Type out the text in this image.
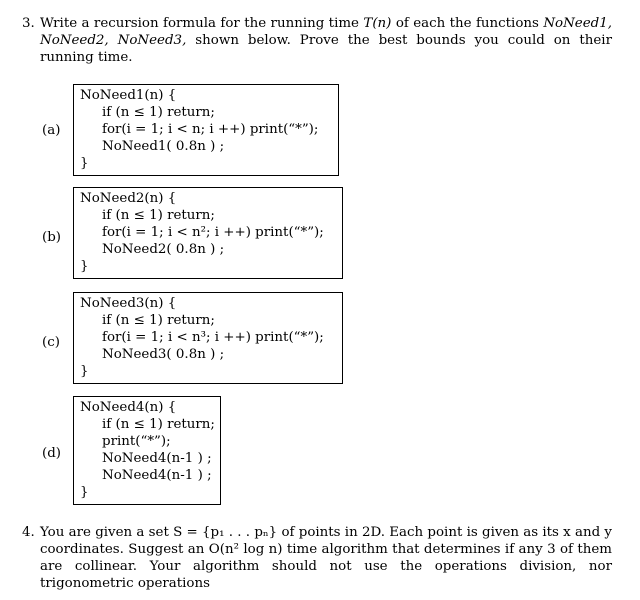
3. Write a recursion formula for the running time T(n) of each the functions NoNeed1, NoNeed2, NoNeed3, shown below. Prove the best bounds you could on their running time.
(a)
NoNeed1(n) {
if (n ≤ 1) return;
for(i = 1; i < n; i ++) print(“*”);
NoNeed1( 0.8n ) ;
}
(b)
NoNeed2(n) {
if (n ≤ 1) return;
for(i = 1; i < n²; i ++) print(“*”);
NoNeed2( 0.8n ) ;
}
(c)
NoNeed3(n) {
if (n ≤ 1) return;
for(i = 1; i < n³; i ++) print(“*”);
NoNeed3( 0.8n ) ;
}
(d)
NoNeed4(n) {
if (n ≤ 1) return;
print(“*”);
NoNeed4(n-1 ) ;
NoNeed4(n-1 ) ;
}
4. You are given a set S = {p₁ . . . pₙ} of points in 2D. Each point is given as its x and y coordinates. Suggest an O(n² log n) time algorithm that determines if any 3 of them are collinear. Your algorithm should not use the operations division, nor trigonometric operations
